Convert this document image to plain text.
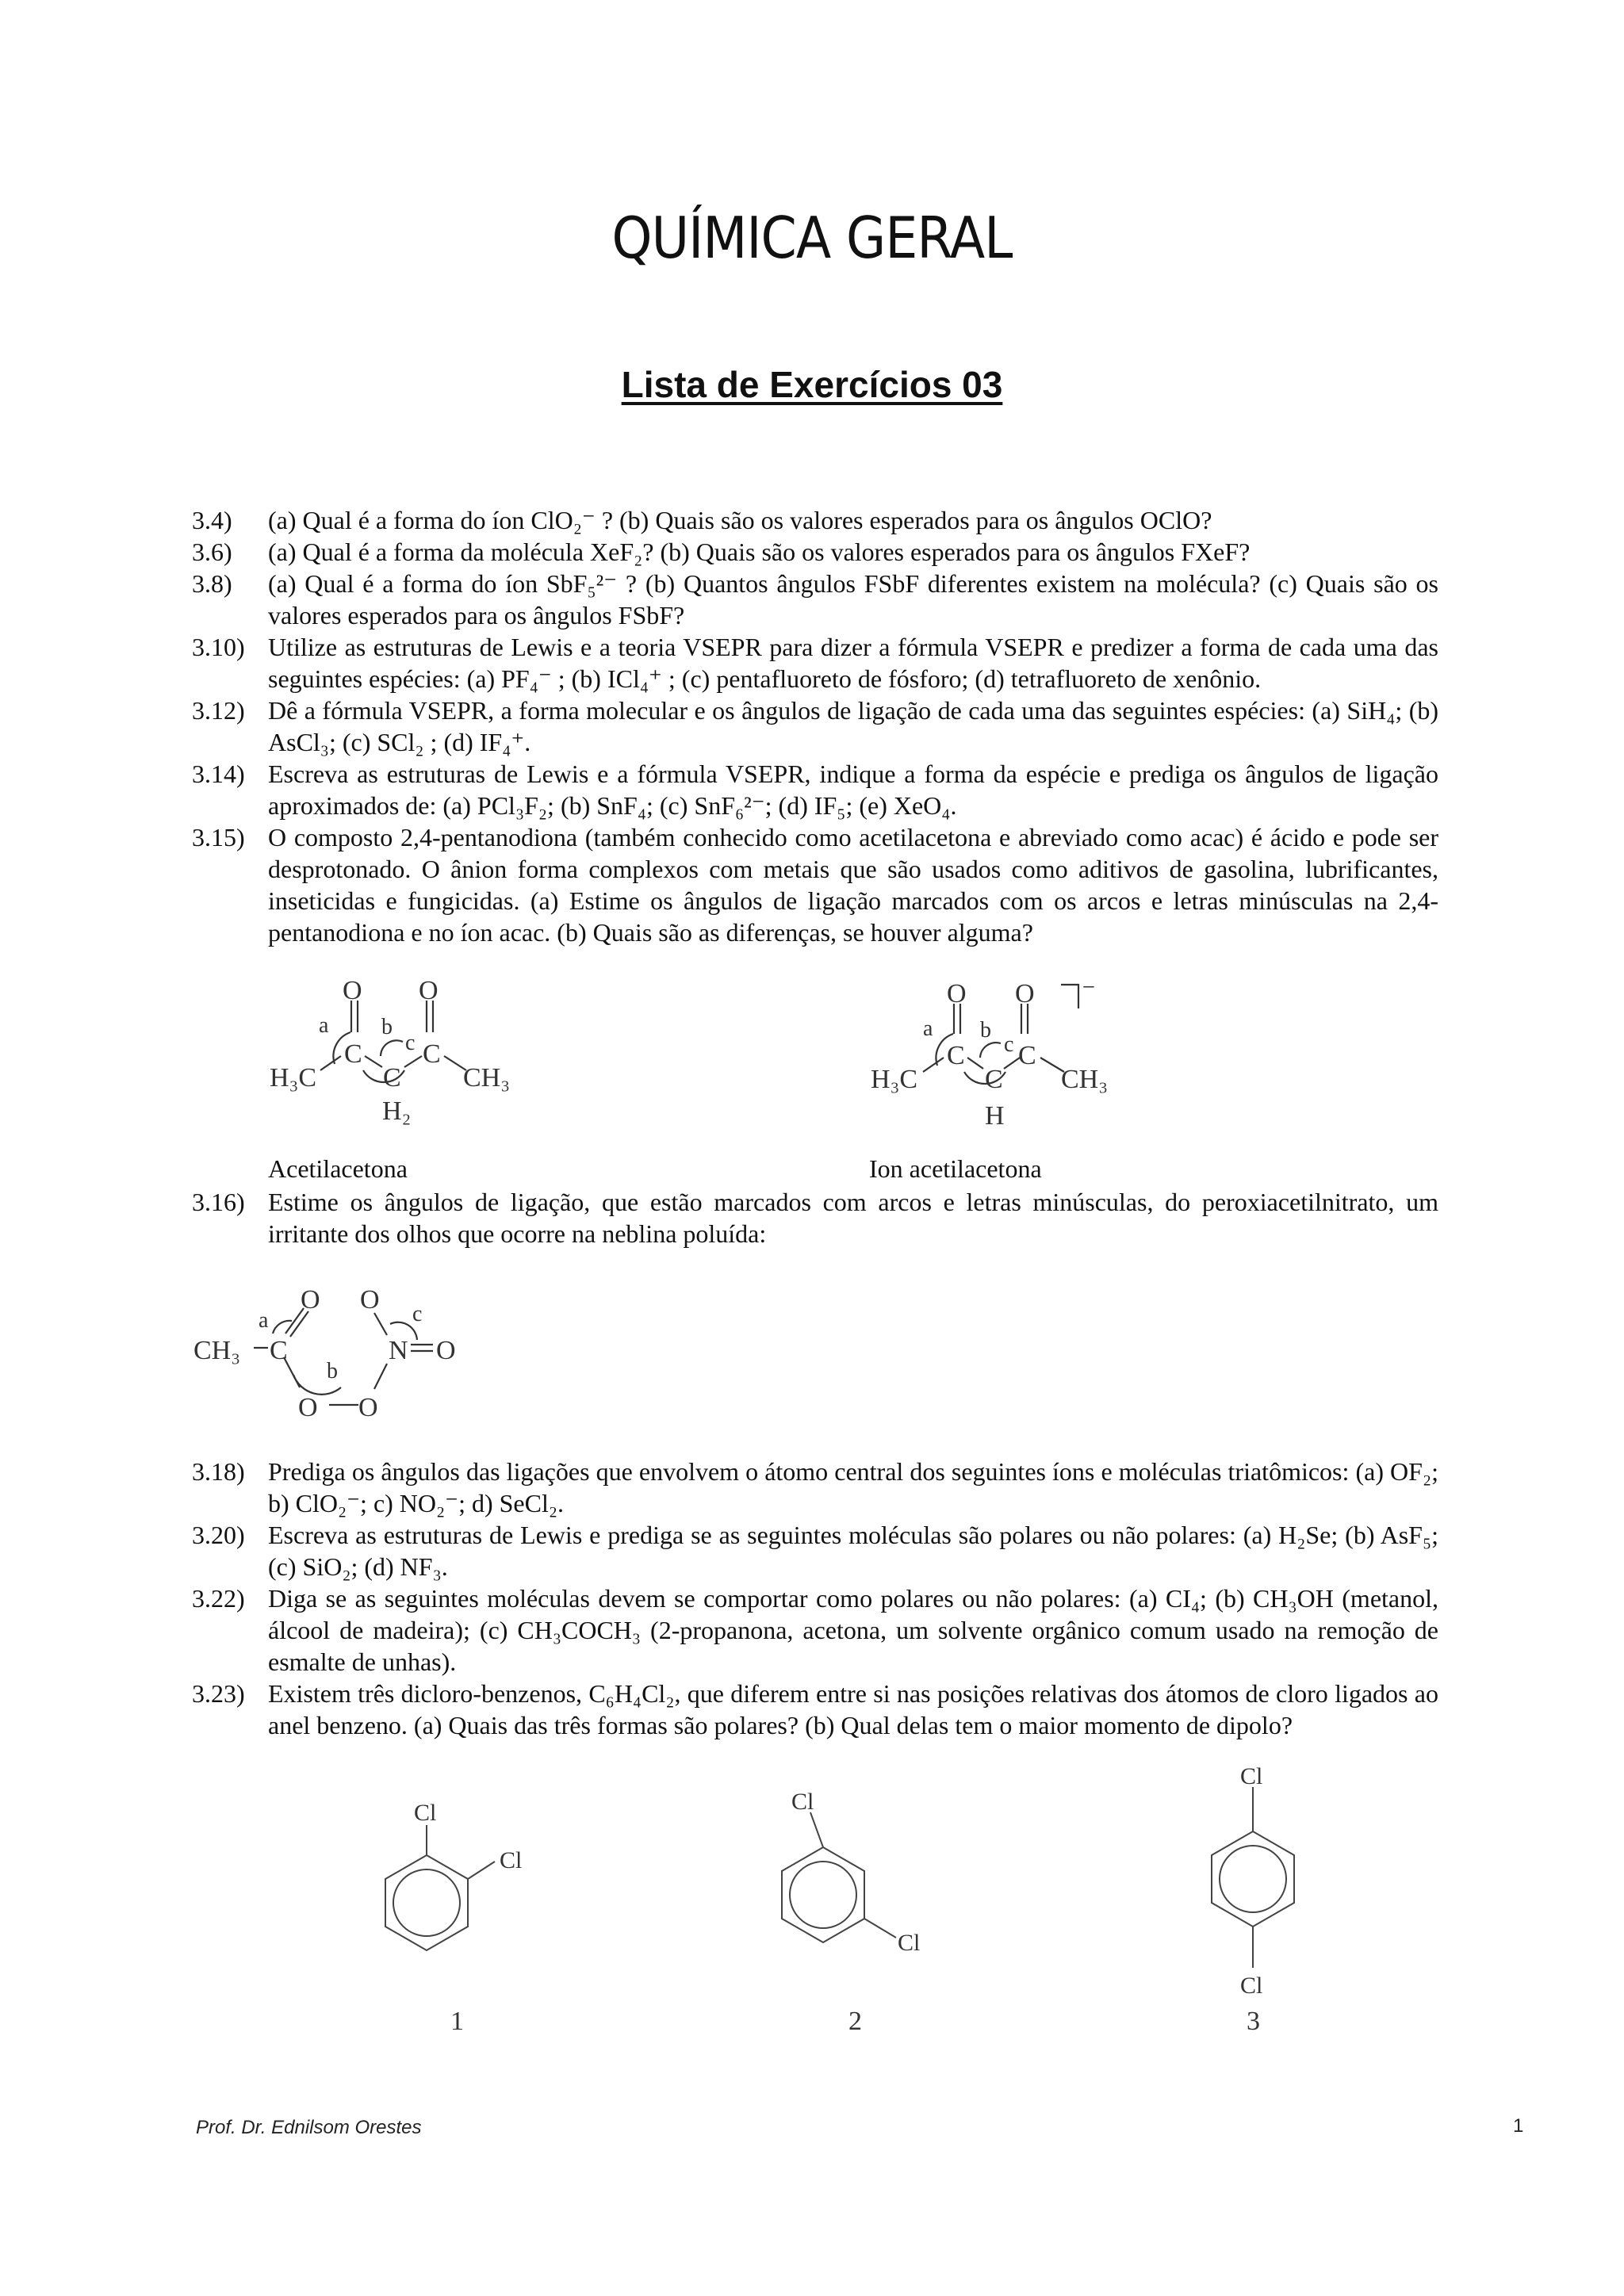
QUÍMICA GERAL
Lista de Exercícios 03
3.4) (a) Qual é a forma do íon ClO₂⁻ ? (b) Quais são os valores esperados para os ângulos OClO?
3.6) (a) Qual é a forma da molécula XeF₂? (b) Quais são os valores esperados para os ângulos FXeF?
3.8) (a) Qual é a forma do íon SbF₅²⁻ ? (b) Quantos ângulos FSbF diferentes existem na molécula? (c) Quais são os valores esperados para os ângulos FSbF?
3.10) Utilize as estruturas de Lewis e a teoria VSEPR para dizer a fórmula VSEPR e predizer a forma de cada uma das seguintes espécies: (a) PF₄⁻ ; (b) ICl₄⁺ ; (c) pentafluoreto de fósforo; (d) tetrafluoreto de xenônio.
3.12) Dê a fórmula VSEPR, a forma molecular e os ângulos de ligação de cada uma das seguintes espécies: (a) SiH₄; (b) AsCl₃; (c) SCl₂ ; (d) IF₄⁺.
3.14) Escreva as estruturas de Lewis e a fórmula VSEPR, indique a forma da espécie e prediga os ângulos de ligação aproximados de: (a) PCl₃F₂; (b) SnF₄; (c) SnF₆²⁻; (d) IF₅; (e) XeO₄.
3.15) O composto 2,4-pentanodiona (também conhecido como acetilacetona e abreviado como acac) é ácido e pode ser desprotonado. O ânion forma complexos com metais que são usados como aditivos de gasolina, lubrificantes, inseticidas e fungicidas. (a) Estime os ângulos de ligação marcados com os arcos e letras minúsculas na 2,4-pentanodiona e no íon acac. (b) Quais são as diferenças, se houver alguma?
O O
C
C
C
H₃C	CH₃
H₂
a b
c
O O
C
C
C
H₃C	CH₃
H
a b
c
⁻
Acetilacetona	Ion acetilacetona
3.16) Estime os ângulos de ligação, que estão marcados com arcos e letras minúsculas, do peroxiacetilnitrato, um irritante dos olhos que ocorre na neblina poluída:
CH₃ C
O O
N O
O O
a
b
c
3.18) Prediga os ângulos das ligações que envolvem o átomo central dos seguintes íons e moléculas triatômicos: (a) OF₂; b) ClO₂⁻; c) NO₂⁻; d) SeCl₂.
3.20) Escreva as estruturas de Lewis e prediga se as seguintes moléculas são polares ou não polares: (a) H₂Se; (b) AsF₅; (c) SiO₂; (d) NF₃.
3.22) Diga se as seguintes moléculas devem se comportar como polares ou não polares: (a) CI₄; (b) CH₃OH (metanol, álcool de madeira); (c) CH₃COCH₃ (2-propanona, acetona, um solvente orgânico comum usado na remoção de esmalte de unhas).
3.23) Existem três dicloro-benzenos, C₆H₄Cl₂, que diferem entre si nas posições relativas dos átomos de cloro ligados ao anel benzeno. (a) Quais das três formas são polares? (b) Qual delas tem o maior momento de dipolo?
Cl
Cl
Cl
Cl
Cl
Cl
1	2	3
Prof. Dr. Ednilsom Orestes	1
